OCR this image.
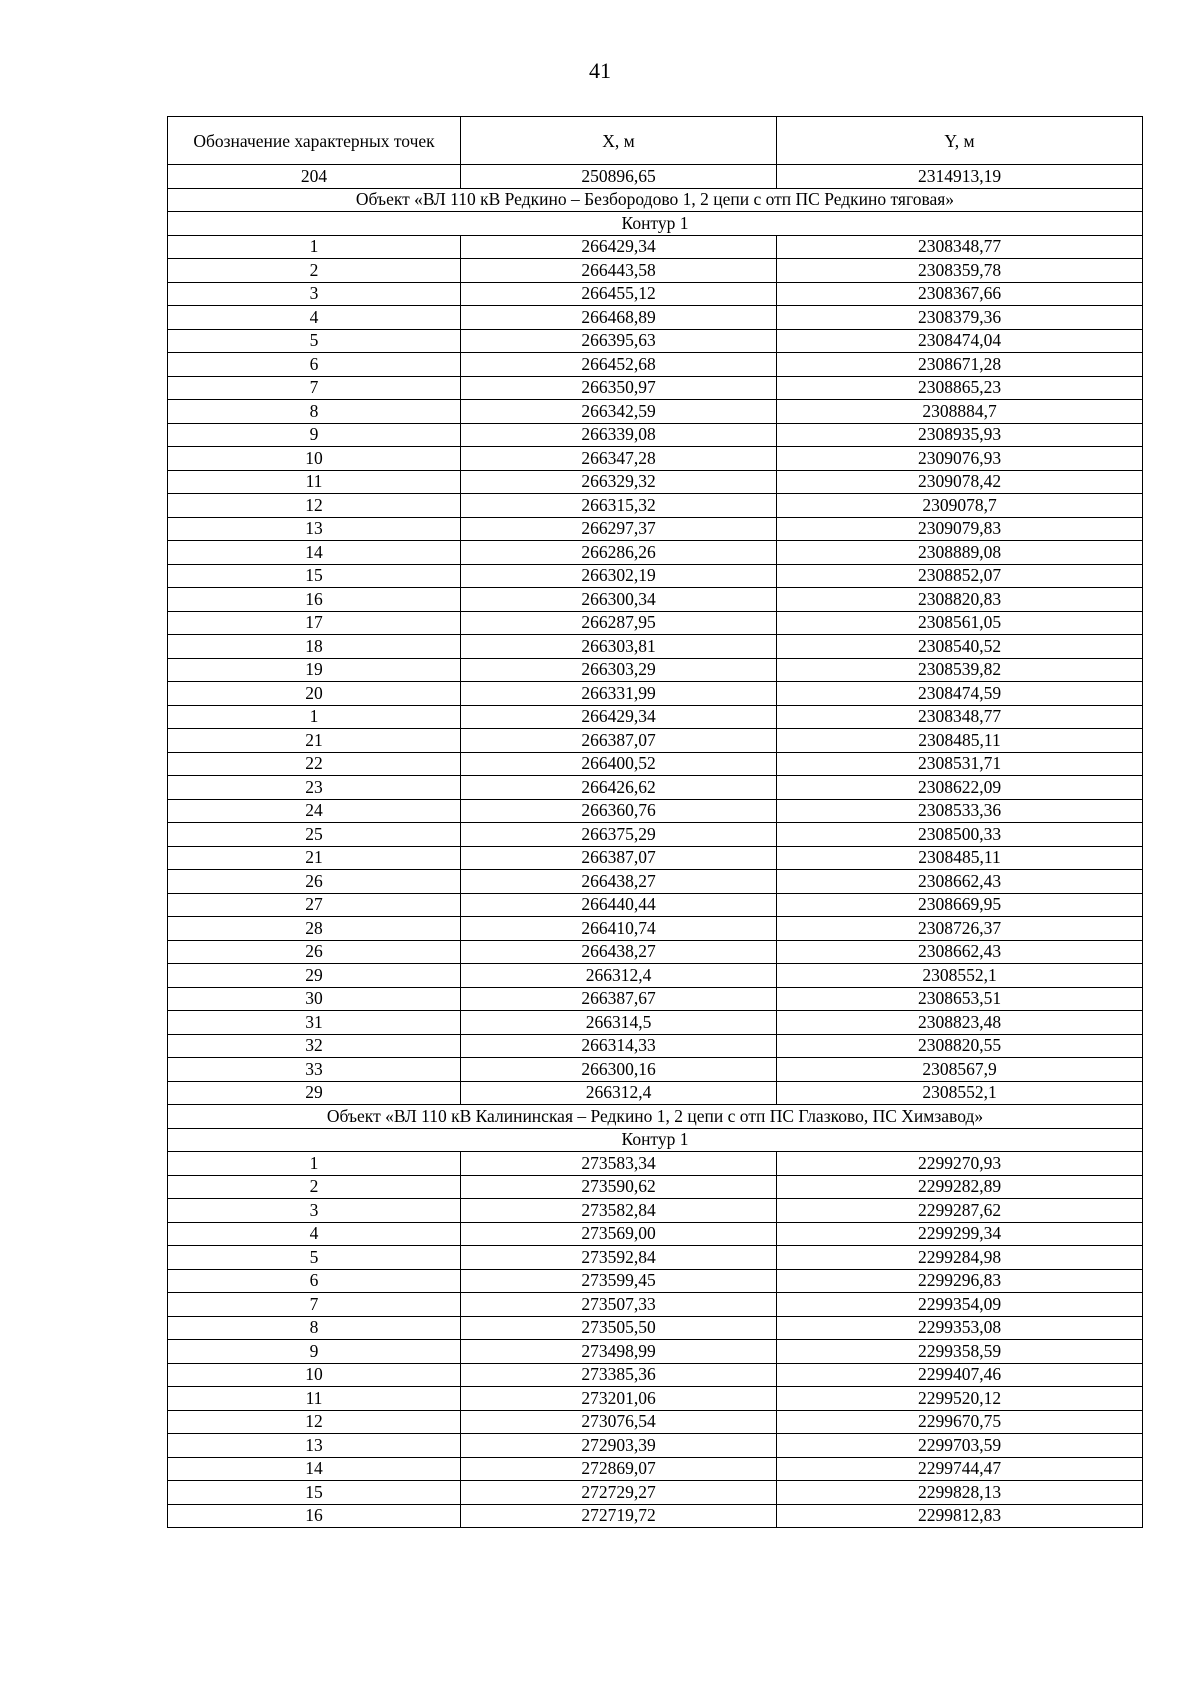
41
Обозначение характерных точек	X, м	Y, м
204	250896,65	2314913,19
Объект «ВЛ 110 кВ Редкино – Безбородово 1, 2 цепи с отп ПС Редкино тяговая»		
Контур 1		
1	266429,34	2308348,77
2	266443,58	2308359,78
3	266455,12	2308367,66
4	266468,89	2308379,36
5	266395,63	2308474,04
6	266452,68	2308671,28
7	266350,97	2308865,23
8	266342,59	2308884,7
9	266339,08	2308935,93
10	266347,28	2309076,93
11	266329,32	2309078,42
12	266315,32	2309078,7
13	266297,37	2309079,83
14	266286,26	2308889,08
15	266302,19	2308852,07
16	266300,34	2308820,83
17	266287,95	2308561,05
18	266303,81	2308540,52
19	266303,29	2308539,82
20	266331,99	2308474,59
1	266429,34	2308348,77
21	266387,07	2308485,11
22	266400,52	2308531,71
23	266426,62	2308622,09
24	266360,76	2308533,36
25	266375,29	2308500,33
21	266387,07	2308485,11
26	266438,27	2308662,43
27	266440,44	2308669,95
28	266410,74	2308726,37
26	266438,27	2308662,43
29	266312,4	2308552,1
30	266387,67	2308653,51
31	266314,5	2308823,48
32	266314,33	2308820,55
33	266300,16	2308567,9
29	266312,4	2308552,1
Объект «ВЛ 110 кВ Калининская – Редкино 1, 2 цепи с отп ПС Глазково, ПС Химзавод»		
Контур 1		
1	273583,34	2299270,93
2	273590,62	2299282,89
3	273582,84	2299287,62
4	273569,00	2299299,34
5	273592,84	2299284,98
6	273599,45	2299296,83
7	273507,33	2299354,09
8	273505,50	2299353,08
9	273498,99	2299358,59
10	273385,36	2299407,46
11	273201,06	2299520,12
12	273076,54	2299670,75
13	272903,39	2299703,59
14	272869,07	2299744,47
15	272729,27	2299828,13
16	272719,72	2299812,83
